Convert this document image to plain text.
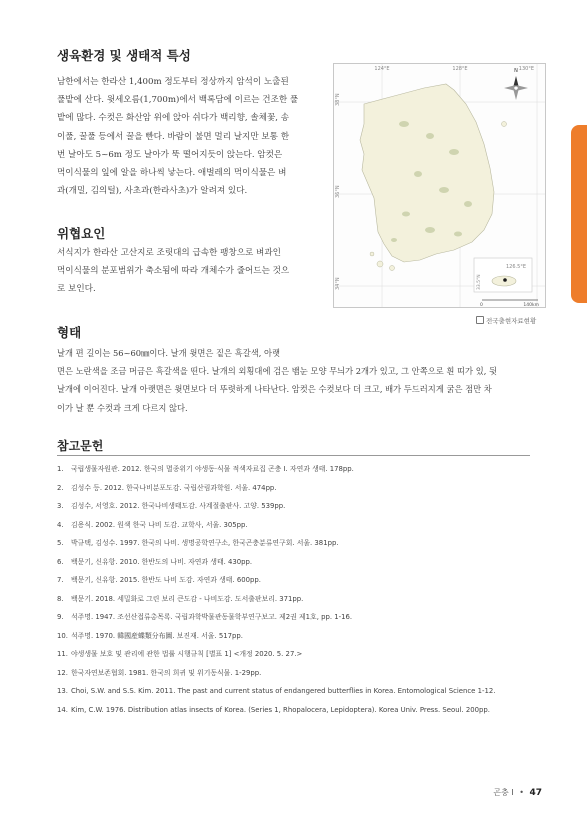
생육환경 및 생태적 특성
남한에서는 한라산 1,400m 정도부터 정상까지 암석이 노출된
풀밭에 산다. 윗세오름(1,700m)에서 백록담에 이르는 건조한 풀
밭에 많다. 수컷은 화산암 위에 앉아 쉬다가 백리향, 솔체꽃, 송
이풀, 꿀풀 등에서 꿀을 빤다. 바람이 불면 멀리 날지만 보통 한
번 날아도 5~6m 정도 날아가 뚝 떨어지듯이 앉는다. 암컷은
먹이식물의 잎에 알을 하나씩 낳는다. 애벌레의 먹이식물은 벼
과(개밀, 김의털), 사초과(한라사초)가 알려져 있다.
위협요인
서식지가 한라산 고산지로 조릿대의 급속한 팽창으로 벼과인
먹이식물의 분포범위가 축소됨에 따라 개체수가 줄어드는 것으
로 보인다.
형태
날개 편 길이는 56~60㎜이다. 날개 윗면은 짙은 흑갈색, 아랫
면은 노란색을 조금 머금은 흑갈색을 띤다. 날개의 외횡대에 검은 뱀눈 모양 무늬가 2개가 있고, 그 안쪽으로 흰 띠가 있, 뒷
날개에 이어진다. 날개 아랫면은 윗면보다 더 뚜렷하게 나타난다. 암컷은 수컷보다 더 크고, 배가 두드러지게 굵은 점만 차
이가 날 뿐 수컷과 크게 다르지 않다.
N
124°E	128°E	130°E
38°N
36°N
34°N
126.5°E
33.5°N
0	140km
전국출현자료현황
참고문헌
1. 국립생물자원관. 2012. 한국의 멸종위기 야생동·식물 적색자료집 곤충 I. 자연과 생태. 178pp.
2. 김성수 등. 2012. 한국나비분포도감. 국립산림과학원. 서울. 474pp.
3. 김성수, 서영호. 2012. 한국나비생태도감. 사계절출판사. 고양. 539pp.
4. 김용식. 2002. 원색 한국 나비 도감. 교학사, 서울. 305pp.
5. 박규택, 김성수. 1997. 한국의 나비. 생명공학연구소, 한국곤충분류연구회. 서울. 381pp.
6. 백문기, 신유항. 2010. 한반도의 나비. 자연과 생태. 430pp.
7. 백문기, 신유항. 2015. 한반도 나비 도감. 자연과 생태. 600pp.
8. 백문기. 2018. 세밀화로 그린 보리 큰도감 - 나비도감. 도서출판보리. 371pp.
9. 석주명. 1947. 조선산접류총목록. 국립과학박물관동물학부연구보고. 제2권 제1호, pp. 1-16.
10. 석주명. 1970. 韓國産蝶類分布圖. 보진재. 서울. 517pp.
11. 야생생물 보호 및 관리에 관한 법률 시행규칙 [별표 1] <개정 2020. 5. 27.>
12. 한국자연보존협회. 1981. 한국의 희귀 및 위기동식물. 1-29pp.
13. Choi, S.W. and S.S. Kim. 2011. The past and current status of endangered butterflies in Korea. Entomological Science 1-12.
14. Kim, C.W. 1976. Distribution atlas insects of Korea. (Series 1, Rhopalocera, Lepidoptera). Korea Univ. Press. Seoul. 200pp.
곤충 I • 47
